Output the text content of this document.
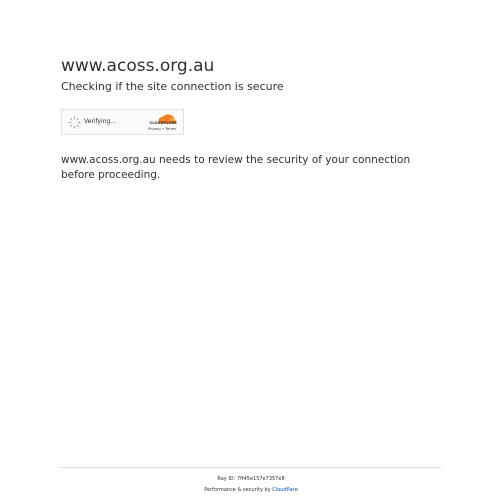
www.acoss.org.au

Checking if the site connection is secure

Verifying...	CLOUDFLARE
Privacy • Terms
www.acoss.org.au needs to review the security of your connection before proceeding.
Ray ID: 7ff45e157e7357e8
Performance & security by Cloudflare
